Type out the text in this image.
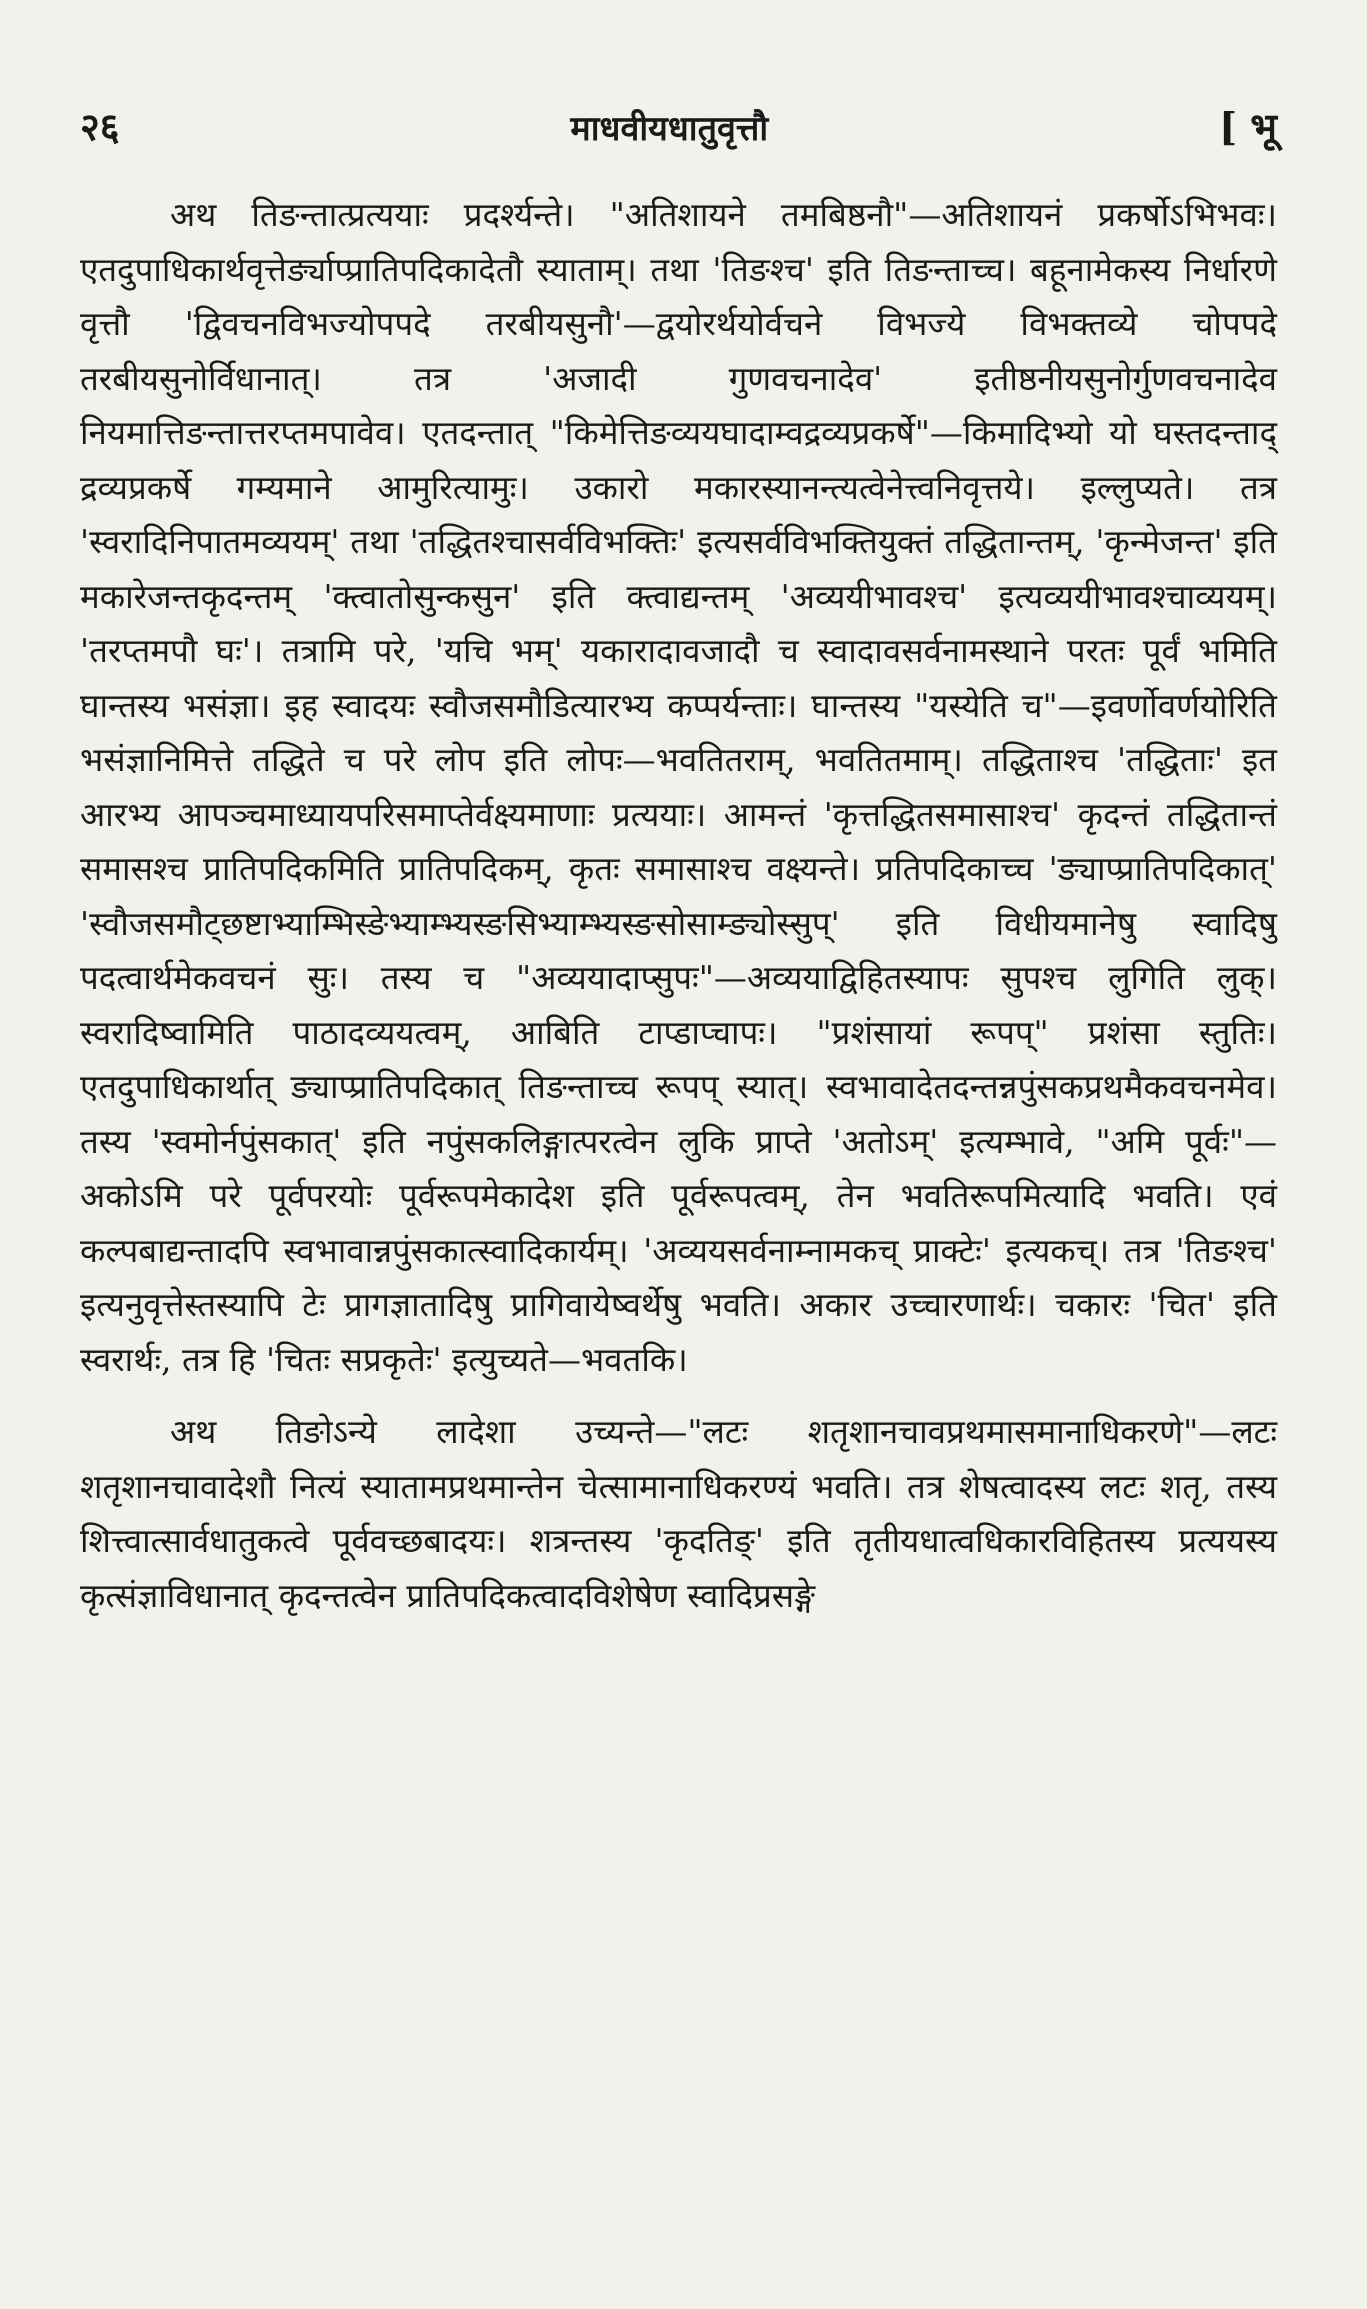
२६	माधवीयधातुवृत्तौ	[ भू

अथ तिङन्तात्प्रत्ययाः प्रदर्श्यन्ते। "अतिशायने तमबिष्ठनौ"—अतिशायनं प्रकर्षोऽभिभवः। एतदुपाधिकार्थवृत्तेर्ङ्याप्प्रातिपदिकादेतौ स्याताम्। तथा 'तिङश्च' इति तिङन्ताच्च। बहूनामेकस्य निर्धारणे वृत्तौ 'द्विवचनविभज्योपपदे तरबीयसुनौ'—द्वयोरर्थयोर्वचने विभज्ये विभक्तव्ये चोपपदे तरबीयसुनोर्विधानात्। तत्र 'अजादी गुणवचनादेव' इतीष्ठनीयसुनोर्गुणवचनादेव नियमात्तिङन्तात्तरप्तमपावेव। एतदन्तात् "किमेत्तिङव्ययघादाम्वद्रव्यप्रकर्षे"—किमादिभ्यो यो घस्तदन्ताद् द्रव्यप्रकर्षे गम्यमाने आमुरित्यामुः। उकारो मकारस्यानन्त्यत्वेनेत्त्वनिवृत्तये। इल्लुप्यते। तत्र 'स्वरादिनिपातमव्ययम्' तथा 'तद्धितश्चासर्वविभक्तिः' इत्यसर्वविभक्तियुक्तं तद्धितान्तम्, 'कृन्मेजन्त' इति मकारेजन्तकृदन्तम् 'क्त्वातोसुन्कसुन' इति क्त्वाद्यन्तम् 'अव्ययीभावश्च' इत्यव्ययीभावश्चाव्ययम्। 'तरप्तमपौ घः'। तत्रामि परे, 'यचि भम्' यकारादावजादौ च स्वादावसर्वनामस्थाने परतः पूर्वं भमिति घान्तस्य भसंज्ञा। इह स्वादयः स्वौजसमौडित्यारभ्य कप्पर्यन्ताः। घान्तस्य "यस्येति च"—इवर्णोवर्णयोरिति भसंज्ञानिमित्ते तद्धिते च परे लोप इति लोपः—भवतितराम्, भवतितमाम्। तद्धिताश्च 'तद्धिताः' इत आरभ्य आपञ्चमाध्यायपरिसमाप्तेर्वक्ष्यमाणाः प्रत्ययाः। आमन्तं 'कृत्तद्धितसमासाश्च' कृदन्तं तद्धितान्तं समासश्च प्रातिपदिकमिति प्रातिपदिकम्, कृतः समासाश्च वक्ष्यन्ते। प्रतिपदिकाच्च 'ङ्याप्प्रातिपदिकात्' 'स्वौजसमौट्छष्टाभ्याम्भिस्ङेभ्याम्भ्यस्ङसिभ्याम्भ्यस्ङसोसाम्ङ्योस्सुप्' इति विधीयमानेषु स्वादिषु पदत्वार्थमेकवचनं सुः। तस्य च "अव्ययादाप्सुपः"—अव्ययाद्विहितस्यापः सुपश्च लुगिति लुक्। स्वरादिष्वामिति पाठादव्ययत्वम्, आबिति टाप्डाप्चापः। "प्रशंसायां रूपप्" प्रशंसा स्तुतिः। एतदुपाधिकार्थात् ङ्याप्प्रातिपदिकात् तिङन्ताच्च रूपप् स्यात्। स्वभावादेतदन्तन्नपुंसकप्रथमैकवचनमेव। तस्य 'स्वमोर्नपुंसकात्' इति नपुंसकलिङ्गात्परत्वेन लुकि प्राप्ते 'अतोऽम्' इत्यम्भावे, "अमि पूर्वः"—अकोऽमि परे पूर्वपरयोः पूर्वरूपमेकादेश इति पूर्वरूपत्वम्, तेन भवतिरूपमित्यादि भवति। एवं कल्पबाद्यन्तादपि स्वभावान्नपुंसकात्स्वादिकार्यम्। 'अव्ययसर्वनाम्नामकच् प्राक्टेः' इत्यकच्। तत्र 'तिङश्च' इत्यनुवृत्तेस्तस्यापि टेः प्रागज्ञातादिषु प्रागिवायेष्वर्थेषु भवति। अकार उच्चारणार्थः। चकारः 'चित' इति स्वरार्थः, तत्र हि 'चितः सप्रकृतेः' इत्युच्यते—भवतकि।

अथ तिङोऽन्ये लादेशा उच्यन्ते—"लटः शतृशानचावप्रथमासमानाधिकरणे"—लटः शतृशानचावादेशौ नित्यं स्यातामप्रथमान्तेन चेत्सामानाधिकरण्यं भवति। तत्र शेषत्वादस्य लटः शतृ, तस्य शित्त्वात्सार्वधातुकत्वे पूर्ववच्छबादयः। शत्रन्तस्य 'कृदतिङ्' इति तृतीयधात्वधिकारविहितस्य प्रत्ययस्य कृत्संज्ञाविधानात् कृदन्तत्वेन प्रातिपदिकत्वादविशेषेण स्वादिप्रसङ्गे
